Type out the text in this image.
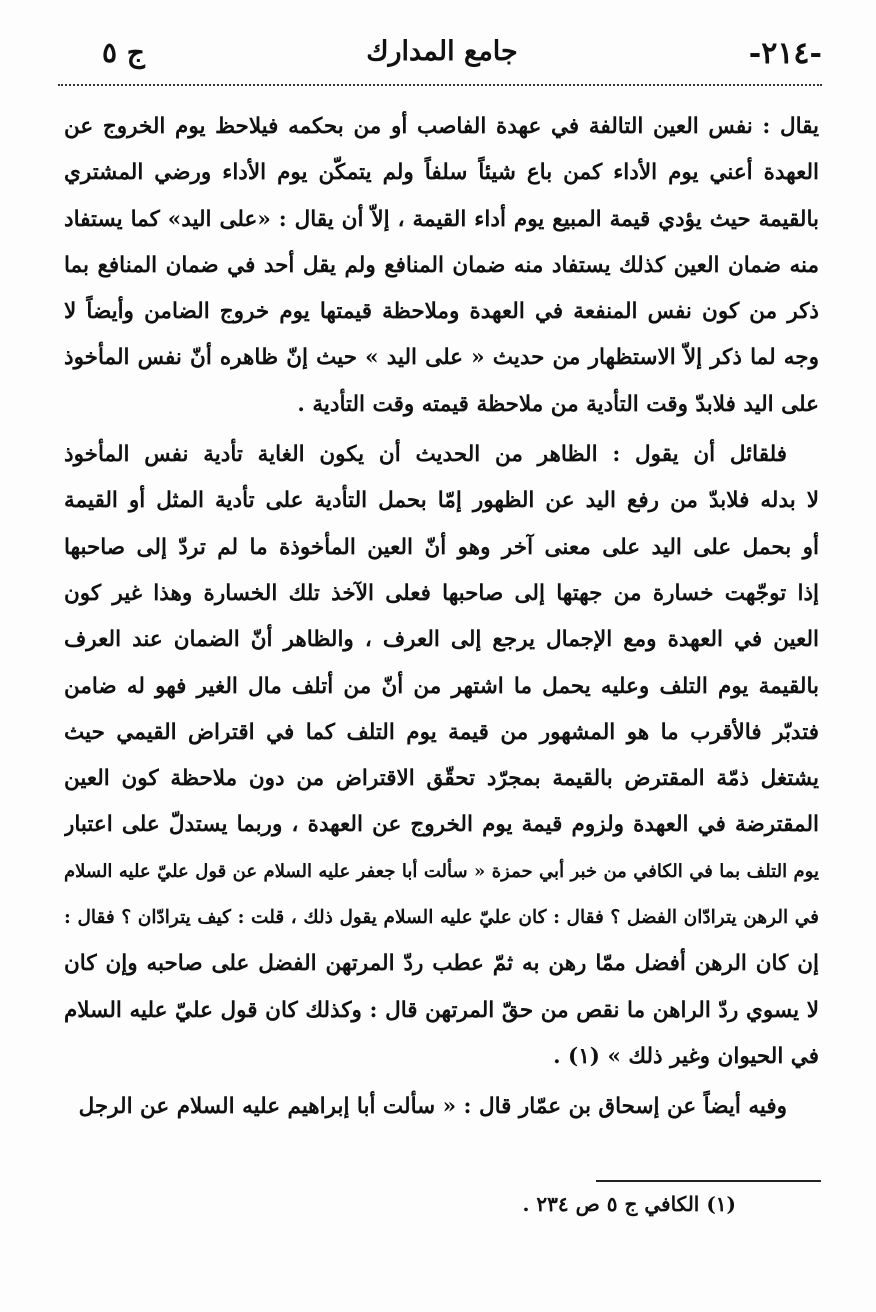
-٢١٤-
جامع المدارك
ج ٥
يقال : نفس العين التالفة في عهدة الفاصب أو من بحكمه فيلاحظ يوم الخروج عن
العهدة أعني يوم الأداء كمن باع شيئاً سلفاً ولم يتمكّن يوم الأداء ورضي المشتري
بالقيمة حيث يؤدي قيمة المبيع يوم أداء القيمة ، إلاّ أن يقال : «على اليد» كما يستفاد
منه ضمان العين كذلك يستفاد منه ضمان المنافع ولم يقل أحد في ضمان المنافع بما
ذكر من كون نفس المنفعة في العهدة وملاحظة قيمتها يوم خروج الضامن وأيضاً لا
وجه لما ذكر إلاّ الاستظهار من حديث « على اليد » حيث إنّ ظاهره أنّ نفس المأخوذ
على اليد فلابدّ وقت التأدية من ملاحظة قيمته وقت التأدية .
فلقائل أن يقول : الظاهر من الحديث أن يكون الغاية تأدية نفس المأخوذ
لا بدله فلابدّ من رفع اليد عن الظهور إمّا بحمل التأدية على تأدية المثل أو القيمة
أو بحمل على اليد على معنى آخر وهو أنّ العين المأخوذة ما لم تردّ إلى صاحبها
إذا توجّهت خسارة من جهتها إلى صاحبها فعلى الآخذ تلك الخسارة وهذا غير كون
العين في العهدة ومع الإجمال يرجع إلى العرف ، والظاهر أنّ الضمان عند العرف
بالقيمة يوم التلف وعليه يحمل ما اشتهر من أنّ من أتلف مال الغير فهو له ضامن
فتدبّر فالأقرب ما هو المشهور من قيمة يوم التلف كما في اقتراض القيمي حيث
يشتغل ذمّة المقترض بالقيمة بمجرّد تحقّق الاقتراض من دون ملاحظة كون العين
المقترضة في العهدة ولزوم قيمة يوم الخروج عن العهدة ، وربما يستدلّ على اعتبار
يوم التلف بما في الكافي من خبر أبي حمزة « سألت أبا جعفر عليه السلام عن قول عليّ عليه السلام
في الرهن يترادّان الفضل ؟ فقال : كان عليّ عليه السلام يقول ذلك ، قلت : كيف يترادّان ؟ فقال :
إن كان الرهن أفضل ممّا رهن به ثمّ عطب ردّ المرتهن الفضل على صاحبه وإن كان
لا يسوي ردّ الراهن ما نقص من حقّ المرتهن قال : وكذلك كان قول عليّ عليه السلام
في الحيوان وغير ذلك » (١) .
وفيه أيضاً عن إسحاق بن عمّار قال : « سألت أبا إبراهيم عليه السلام عن الرجل
(١) الكافي ج ٥ ص ٢٣٤ .
